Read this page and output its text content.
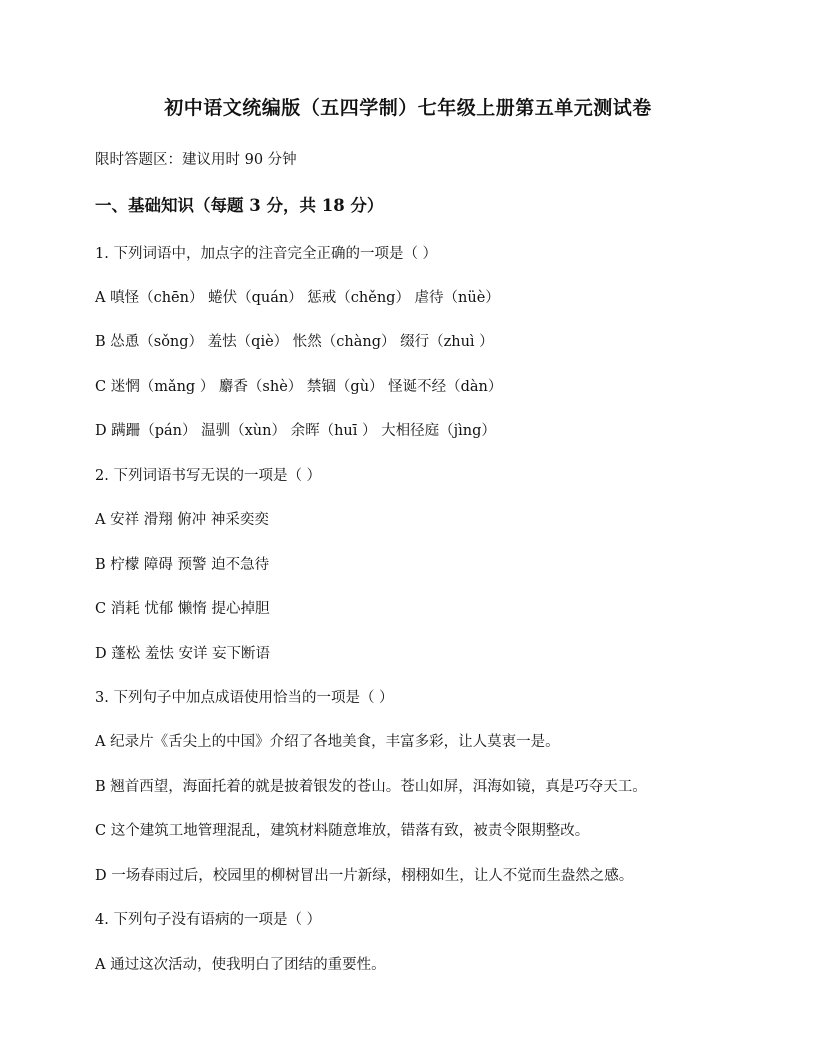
初中语文统编版（五四学制）七年级上册第五单元测试卷
限时答题区：建议用时 90 分钟
一、基础知识（每题 3 分，共 18 分）
1. 下列词语中，加点字的注音完全正确的一项是（ ）
A 嗔怪（chēn） 蜷伏（quán） 惩戒（chěng） 虐待（nüè）
B 怂恿（sǒng） 羞怯（qiè） 怅然（chàng） 缀行（zhuì ）
C 迷惘（mǎng ） 麝香（shè） 禁锢（gù） 怪诞不经（dàn）
D 蹒跚（pán） 温驯（xùn） 余晖（huī ） 大相径庭（jìng）
2. 下列词语书写无误的一项是（ ）
A 安祥 滑翔 俯冲 神采奕奕
B 柠檬 障碍 预警 迫不急待
C 消耗 忧郁 懒惰 提心掉胆
D 蓬松 羞怯 安详 妄下断语
3. 下列句子中加点成语使用恰当的一项是（ ）
A 纪录片《舌尖上的中国》介绍了各地美食，丰富多彩，让人莫衷一是。
B 翘首西望，海面托着的就是披着银发的苍山。苍山如屏，洱海如镜，真是巧夺天工。
C 这个建筑工地管理混乱，建筑材料随意堆放，错落有致，被责令限期整改。
D 一场春雨过后，校园里的柳树冒出一片新绿，栩栩如生，让人不觉而生盎然之感。
4. 下列句子没有语病的一项是（ ）
A 通过这次活动，使我明白了团结的重要性。
